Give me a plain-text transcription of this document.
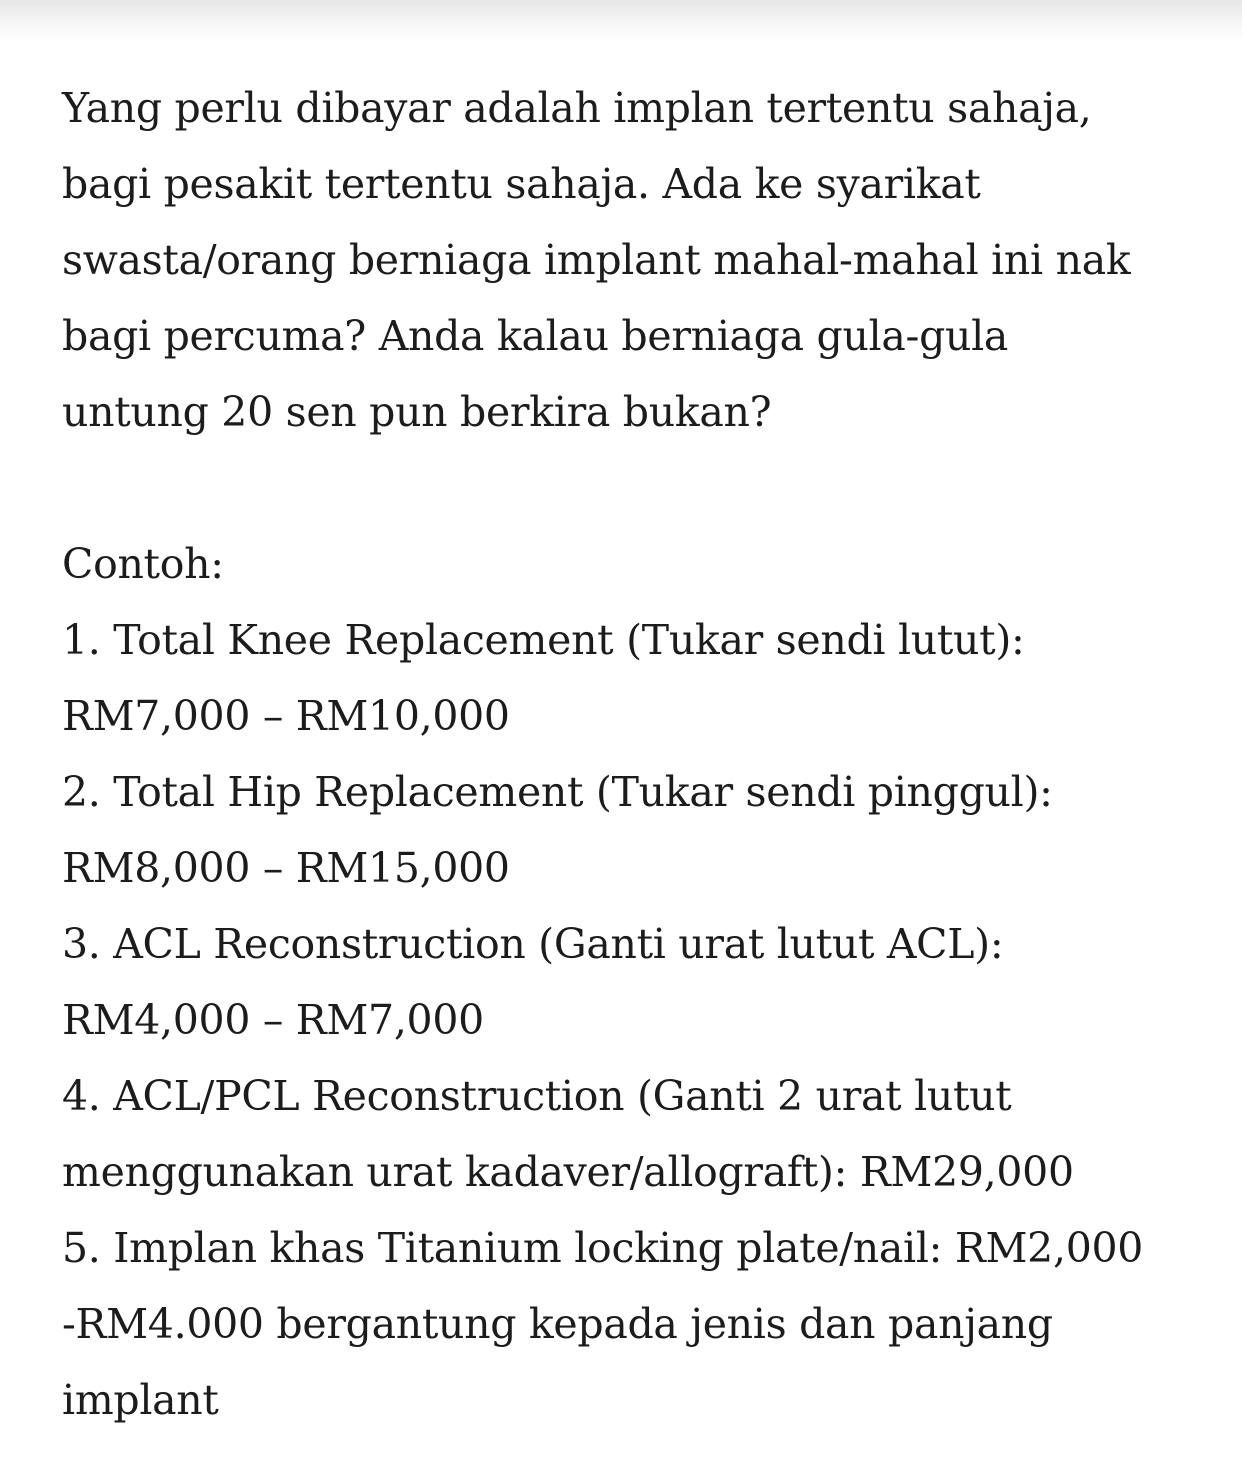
Yang perlu dibayar adalah implan tertentu sahaja,
bagi pesakit tertentu sahaja. Ada ke syarikat
swasta/orang berniaga implant mahal-mahal ini nak
bagi percuma? Anda kalau berniaga gula-gula
untung 20 sen pun berkira bukan?
Contoh:
1. Total Knee Replacement (Tukar sendi lutut):
RM7,000 – RM10,000
2. Total Hip Replacement (Tukar sendi pinggul):
RM8,000 – RM15,000
3. ACL Reconstruction (Ganti urat lutut ACL):
RM4,000 – RM7,000
4. ACL/PCL Reconstruction (Ganti 2 urat lutut
menggunakan urat kadaver/allograft): RM29,000
5. Implan khas Titanium locking plate/nail: RM2,000
-RM4.000 bergantung kepada jenis dan panjang
implant
